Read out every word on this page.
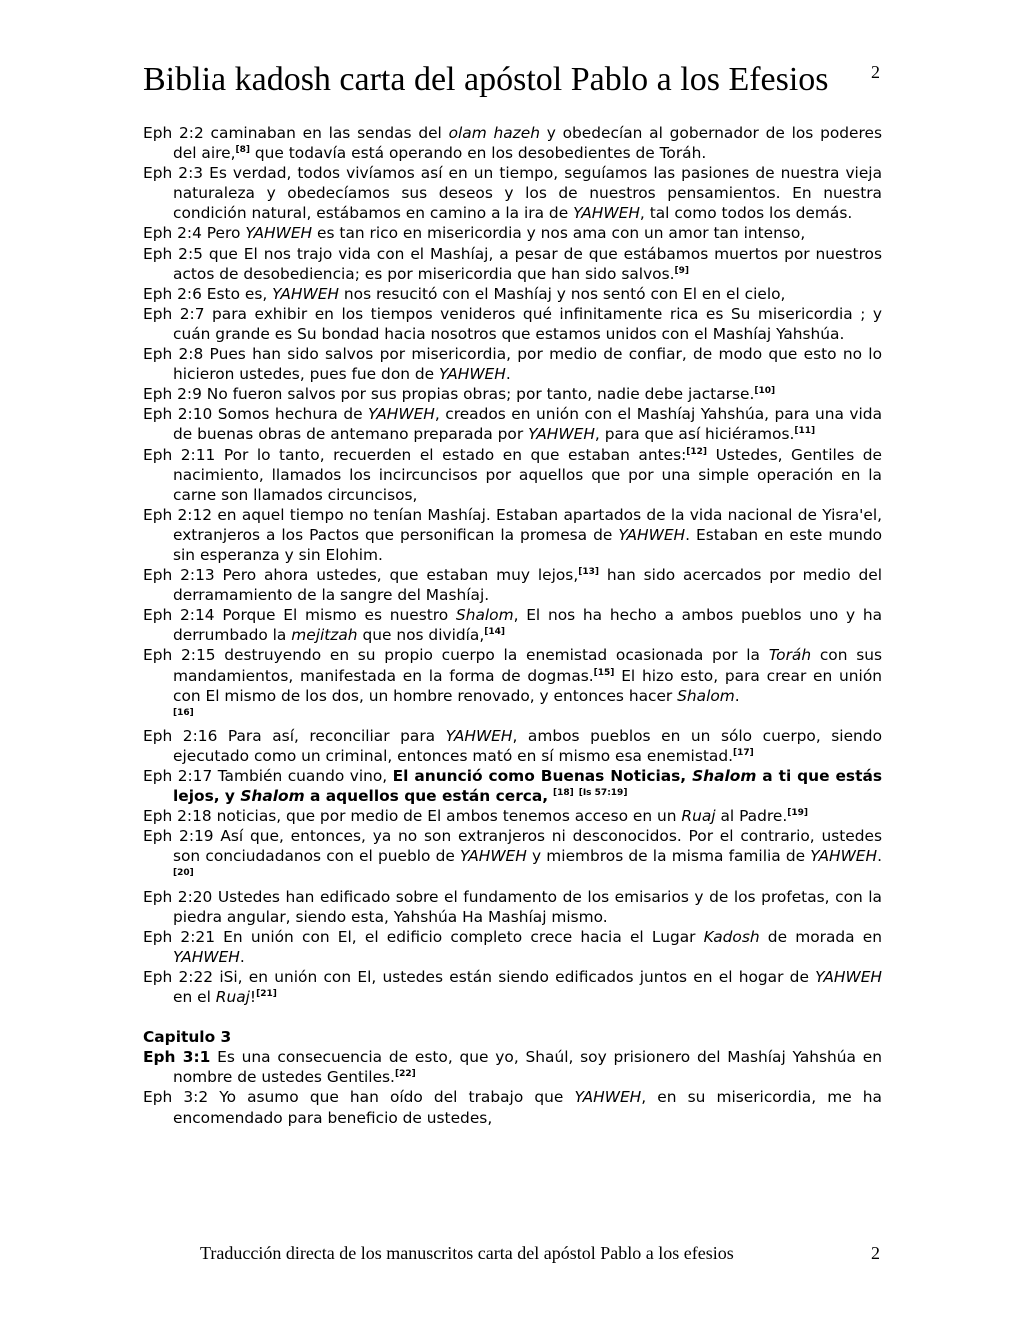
Biblia kadosh carta del apóstol Pablo a los Efesios	2

Eph 2:2 caminaban en las sendas del olam hazeh y obedecían al gobernador de los poderes del aire,[8] que todavía está operando en los desobedientes de Toráh.

Eph 2:3 Es verdad, todos vivíamos así en un tiempo, seguíamos las pasiones de nuestra vieja naturaleza y obedecíamos sus deseos y los de nuestros pensamientos. En nuestra condición natural, estábamos en camino a la ira de YAHWEH, tal como todos los demás.

Eph 2:4 Pero YAHWEH es tan rico en misericordia y nos ama con un amor tan intenso,

Eph 2:5 que El nos trajo vida con el Mashíaj, a pesar de que estábamos muertos por nuestros actos de desobediencia; es por misericordia que han sido salvos.[9]

Eph 2:6 Esto es, YAHWEH nos resucitó con el Mashíaj y nos sentó con El en el cielo,

Eph 2:7 para exhibir en los tiempos venideros qué infinitamente rica es Su misericordia ; y cuán grande es Su bondad hacia nosotros que estamos unidos con el Mashíaj Yahshúa.

Eph 2:8 Pues han sido salvos por misericordia, por medio de confiar, de modo que esto no lo hicieron ustedes, pues fue don de YAHWEH.

Eph 2:9 No fueron salvos por sus propias obras; por tanto, nadie debe jactarse.[10]

Eph 2:10 Somos hechura de YAHWEH, creados en unión con el Mashíaj Yahshúa, para una vida de buenas obras de antemano preparada por YAHWEH, para que así hiciéramos.[11]

Eph 2:11 Por lo tanto, recuerden el estado en que estaban antes:[12] Ustedes, Gentiles de nacimiento, llamados los incircuncisos por aquellos que por una simple operación en la carne son llamados circuncisos,

Eph 2:12 en aquel tiempo no tenían Mashíaj. Estaban apartados de la vida nacional de Yisra'el, extranjeros a los Pactos que personifican la promesa de YAHWEH. Estaban en este mundo sin esperanza y sin Elohim.

Eph 2:13 Pero ahora ustedes, que estaban muy lejos,[13] han sido acercados por medio del derramamiento de la sangre del Mashíaj.

Eph 2:14 Porque El mismo es nuestro Shalom, El nos ha hecho a ambos pueblos uno y ha derrumbado la mejitzah que nos dividía,[14]

Eph 2:15 destruyendo en su propio cuerpo la enemistad ocasionada por la Toráh con sus mandamientos, manifestada en la forma de dogmas.[15] El hizo esto, para crear en unión con El mismo de los dos, un hombre renovado, y entonces hacer Shalom.
[16]

Eph 2:16 Para así, reconciliar para YAHWEH, ambos pueblos en un sólo cuerpo, siendo ejecutado como un criminal, entonces mató en sí mismo esa enemistad.[17]

Eph 2:17 También cuando vino, El anunció como Buenas Noticias, Shalom a ti que estás lejos, y Shalom a aquellos que están cerca, [18] [Is 57:19]

Eph 2:18 noticias, que por medio de El ambos tenemos acceso en un Ruaj al Padre.[19]

Eph 2:19 Así que, entonces, ya no son extranjeros ni desconocidos. Por el contrario, ustedes son conciudadanos con el pueblo de YAHWEH y miembros de la misma familia de YAHWEH.[20]

Eph 2:20 Ustedes han edificado sobre el fundamento de los emisarios y de los profetas, con la piedra angular, siendo esta, Yahshúa Ha Mashíaj mismo.

Eph 2:21 En unión con El, el edificio completo crece hacia el Lugar Kadosh de morada en YAHWEH.

Eph 2:22 iSi, en unión con El, ustedes están siendo edificados juntos en el hogar de YAHWEH en el Ruaj![21]

Capitulo 3

Eph 3:1 Es una consecuencia de esto, que yo, Shaúl, soy prisionero del Mashíaj Yahshúa en nombre de ustedes Gentiles.[22]

Eph 3:2 Yo asumo que han oído del trabajo que YAHWEH, en su misericordia, me ha encomendado para beneficio de ustedes,

Traducción directa de los manuscritos carta del apóstol Pablo a los efesios	2
